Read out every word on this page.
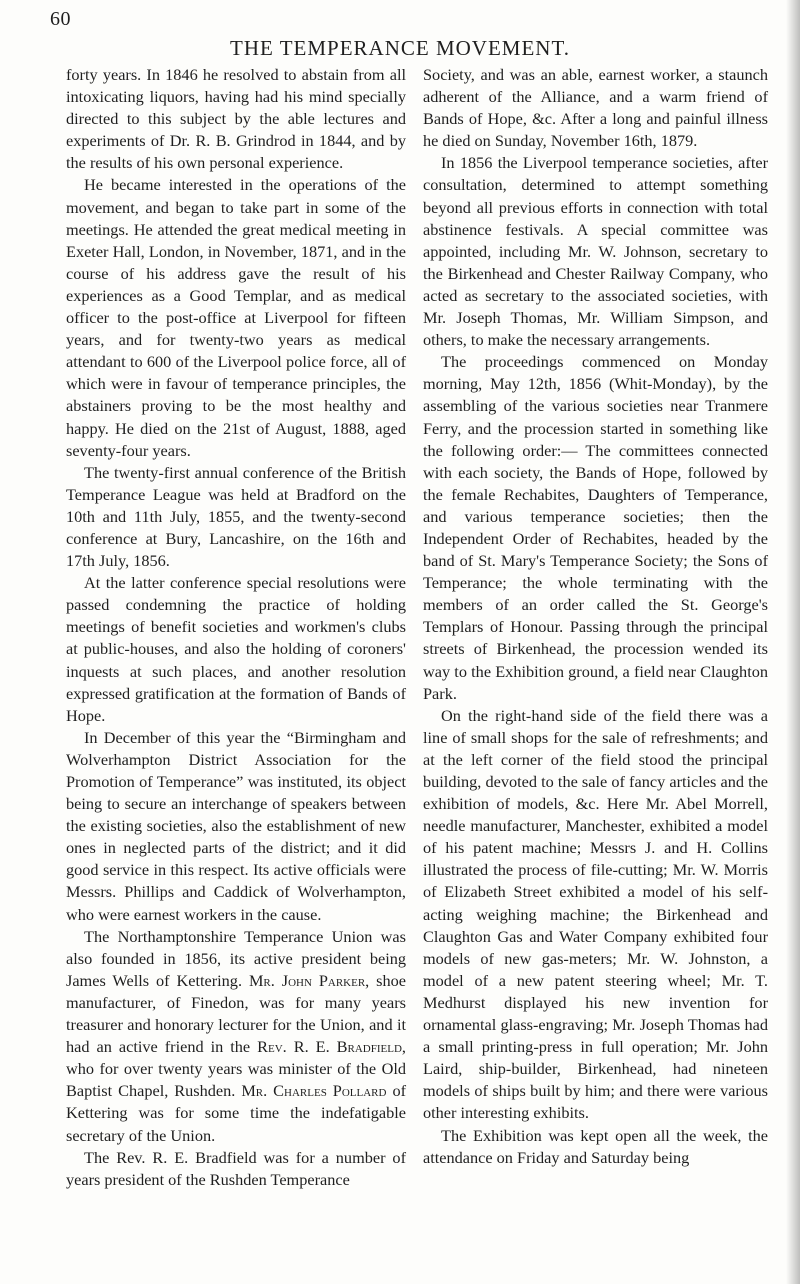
60
THE TEMPERANCE MOVEMENT.

forty years. In 1846 he resolved to abstain from all intoxicating liquors, having had his mind specially directed to this subject by the able lectures and experiments of Dr. R. B. Grindrod in 1844, and by the results of his own personal experience.

He became interested in the operations of the movement, and began to take part in some of the meetings. He attended the great medical meeting in Exeter Hall, London, in November, 1871, and in the course of his address gave the result of his experiences as a Good Templar, and as medical officer to the post-office at Liverpool for fifteen years, and for twenty-two years as medical attendant to 600 of the Liverpool police force, all of which were in favour of temperance principles, the abstainers proving to be the most healthy and happy. He died on the 21st of August, 1888, aged seventy-four years.

The twenty-first annual conference of the British Temperance League was held at Bradford on the 10th and 11th July, 1855, and the twenty-second conference at Bury, Lancashire, on the 16th and 17th July, 1856.

At the latter conference special resolutions were passed condemning the practice of holding meetings of benefit societies and workmen's clubs at public-houses, and also the holding of coroners' inquests at such places, and another resolution expressed gratification at the formation of Bands of Hope.

In December of this year the “Birmingham and Wolverhampton District Association for the Promotion of Temperance” was instituted, its object being to secure an interchange of speakers between the existing societies, also the establishment of new ones in neglected parts of the district; and it did good service in this respect. Its active officials were Messrs. Phillips and Caddick of Wolverhampton, who were earnest workers in the cause.

The Northamptonshire Temperance Union was also founded in 1856, its active president being James Wells of Kettering. Mr. John Parker, shoe manufacturer, of Finedon, was for many years treasurer and honorary lecturer for the Union, and it had an active friend in the Rev. R. E. Bradfield, who for over twenty years was minister of the Old Baptist Chapel, Rushden. Mr. Charles Pollard of Kettering was for some time the indefatigable secretary of the Union.

The Rev. R. E. Bradfield was for a number of years president of the Rushden Temperance

Society, and was an able, earnest worker, a staunch adherent of the Alliance, and a warm friend of Bands of Hope, &c. After a long and painful illness he died on Sunday, November 16th, 1879.

In 1856 the Liverpool temperance societies, after consultation, determined to attempt something beyond all previous efforts in connection with total abstinence festivals. A special committee was appointed, including Mr. W. Johnson, secretary to the Birkenhead and Chester Railway Company, who acted as secretary to the associated societies, with Mr. Joseph Thomas, Mr. William Simpson, and others, to make the necessary arrangements.

The proceedings commenced on Monday morning, May 12th, 1856 (Whit-Monday), by the assembling of the various societies near Tranmere Ferry, and the procession started in something like the following order:— The committees connected with each society, the Bands of Hope, followed by the female Rechabites, Daughters of Temperance, and various temperance societies; then the Independent Order of Rechabites, headed by the band of St. Mary's Temperance Society; the Sons of Temperance; the whole terminating with the members of an order called the St. George's Templars of Honour. Passing through the principal streets of Birkenhead, the procession wended its way to the Exhibition ground, a field near Claughton Park.

On the right-hand side of the field there was a line of small shops for the sale of refreshments; and at the left corner of the field stood the principal building, devoted to the sale of fancy articles and the exhibition of models, &c. Here Mr. Abel Morrell, needle manufacturer, Manchester, exhibited a model of his patent machine; Messrs J. and H. Collins illustrated the process of file-cutting; Mr. W. Morris of Elizabeth Street exhibited a model of his self-acting weighing machine; the Birkenhead and Claughton Gas and Water Company exhibited four models of new gas-meters; Mr. W. Johnston, a model of a new patent steering wheel; Mr. T. Medhurst displayed his new invention for ornamental glass-engraving; Mr. Joseph Thomas had a small printing-press in full operation; Mr. John Laird, ship-builder, Birkenhead, had nineteen models of ships built by him; and there were various other interesting exhibits.

The Exhibition was kept open all the week, the attendance on Friday and Saturday being
